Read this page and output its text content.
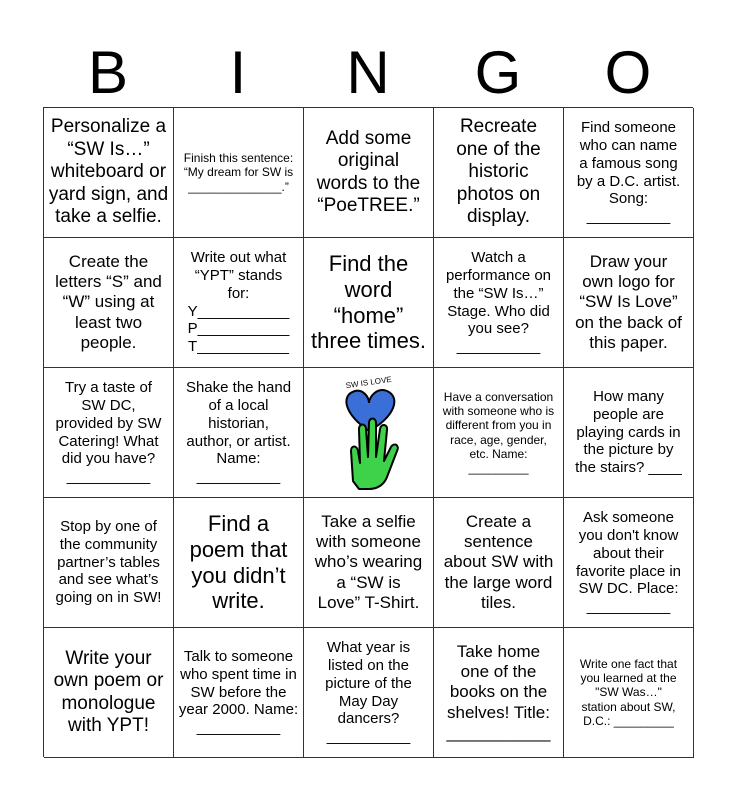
B	I	N	G	O
Personalize a
“SW Is…”
whiteboard or
yard sign, and
take a selfie.
Finish this sentence:
“My dream for SW is
______________.”
Add some
original
words to the
“PoeTREE.”
Recreate
one of the
historic
photos on
display.
Find someone
who can name
a famous song
by a D.C. artist.
Song:
__________
Create the
letters “S” and
“W” using at
least two
people.
Write out what
“YPT” stands
for:
Y___________
P___________
T___________
Find the
word
“home”
three times.
Watch a
performance on
the “SW Is…”
Stage. Who did
you see?
__________
Draw your
own logo for
“SW Is Love”
on the back of
this paper.
Try a taste of
SW DC,
provided by SW
Catering! What
did you have?
__________
Shake the hand
of a local
historian,
author, or artist.
Name:
__________
SW IS LOVE
Have a conversation
with someone who is
different from you in
race, age, gender,
etc. Name:
_________
How many
people are
playing cards in
the picture by
the stairs? ____
Stop by one of
the community
partner’s tables
and see what’s
going on in SW!
Find a
poem that
you didn’t
write.
Take a selfie
with someone
who’s wearing
a “SW is
Love” T-Shirt.
Create a
sentence
about SW with
the large word
tiles.
Ask someone
you don't know
about their
favorite place in
SW DC. Place:
__________
Write your
own poem or
monologue
with YPT!
Talk to someone
who spent time in
SW before the
year 2000. Name:
__________
What year is
listed on the
picture of the
May Day
dancers?
__________
Take home
one of the
books on the
shelves! Title:
___________
Write one fact that
you learned at the
"SW Was…"
station about SW,
D.C.: _________
